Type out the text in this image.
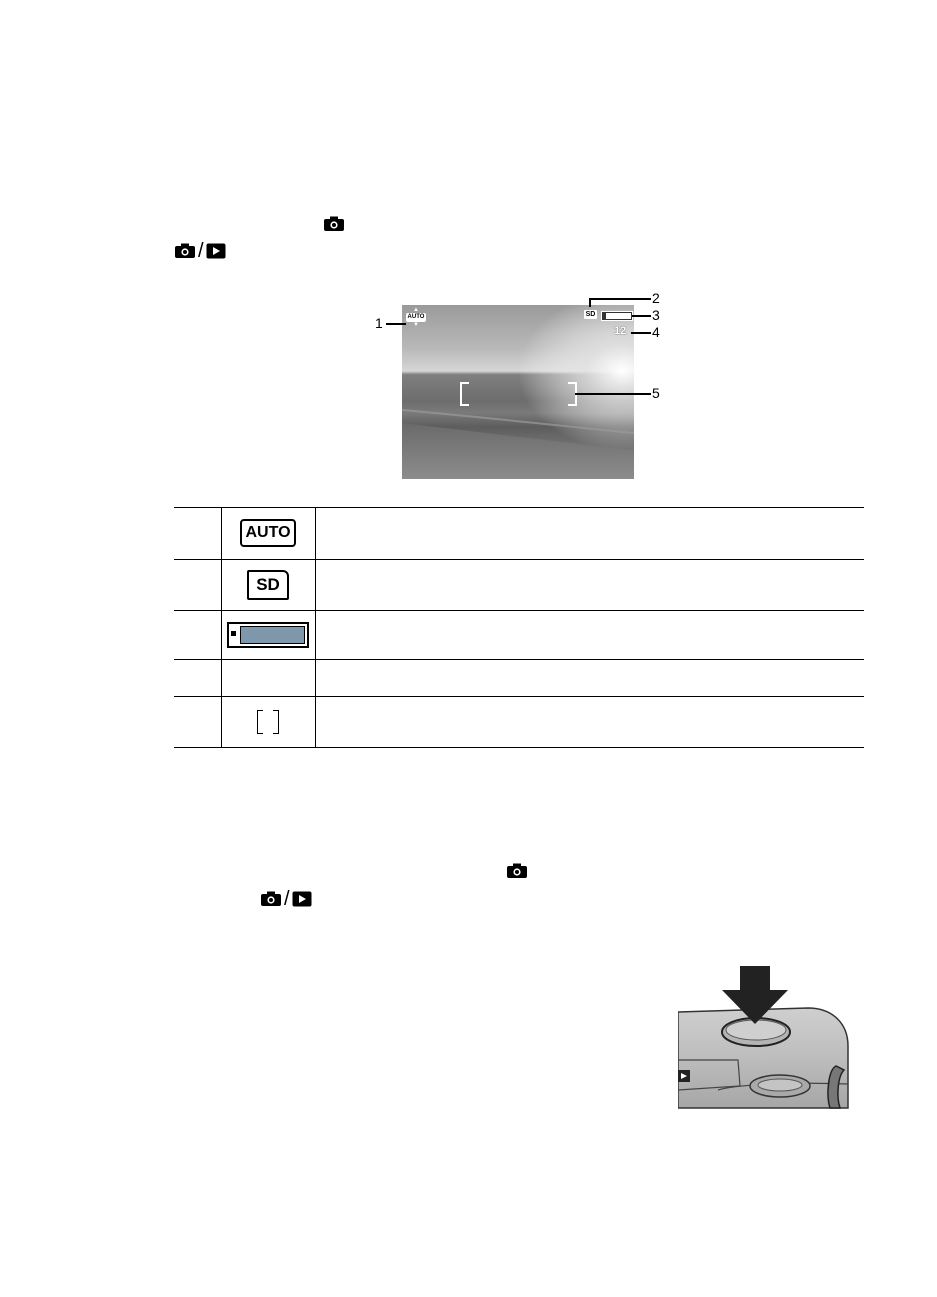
/
▲
AUTO
▼
SD
12
1
2
3
4
5
AUTO
SD
/
